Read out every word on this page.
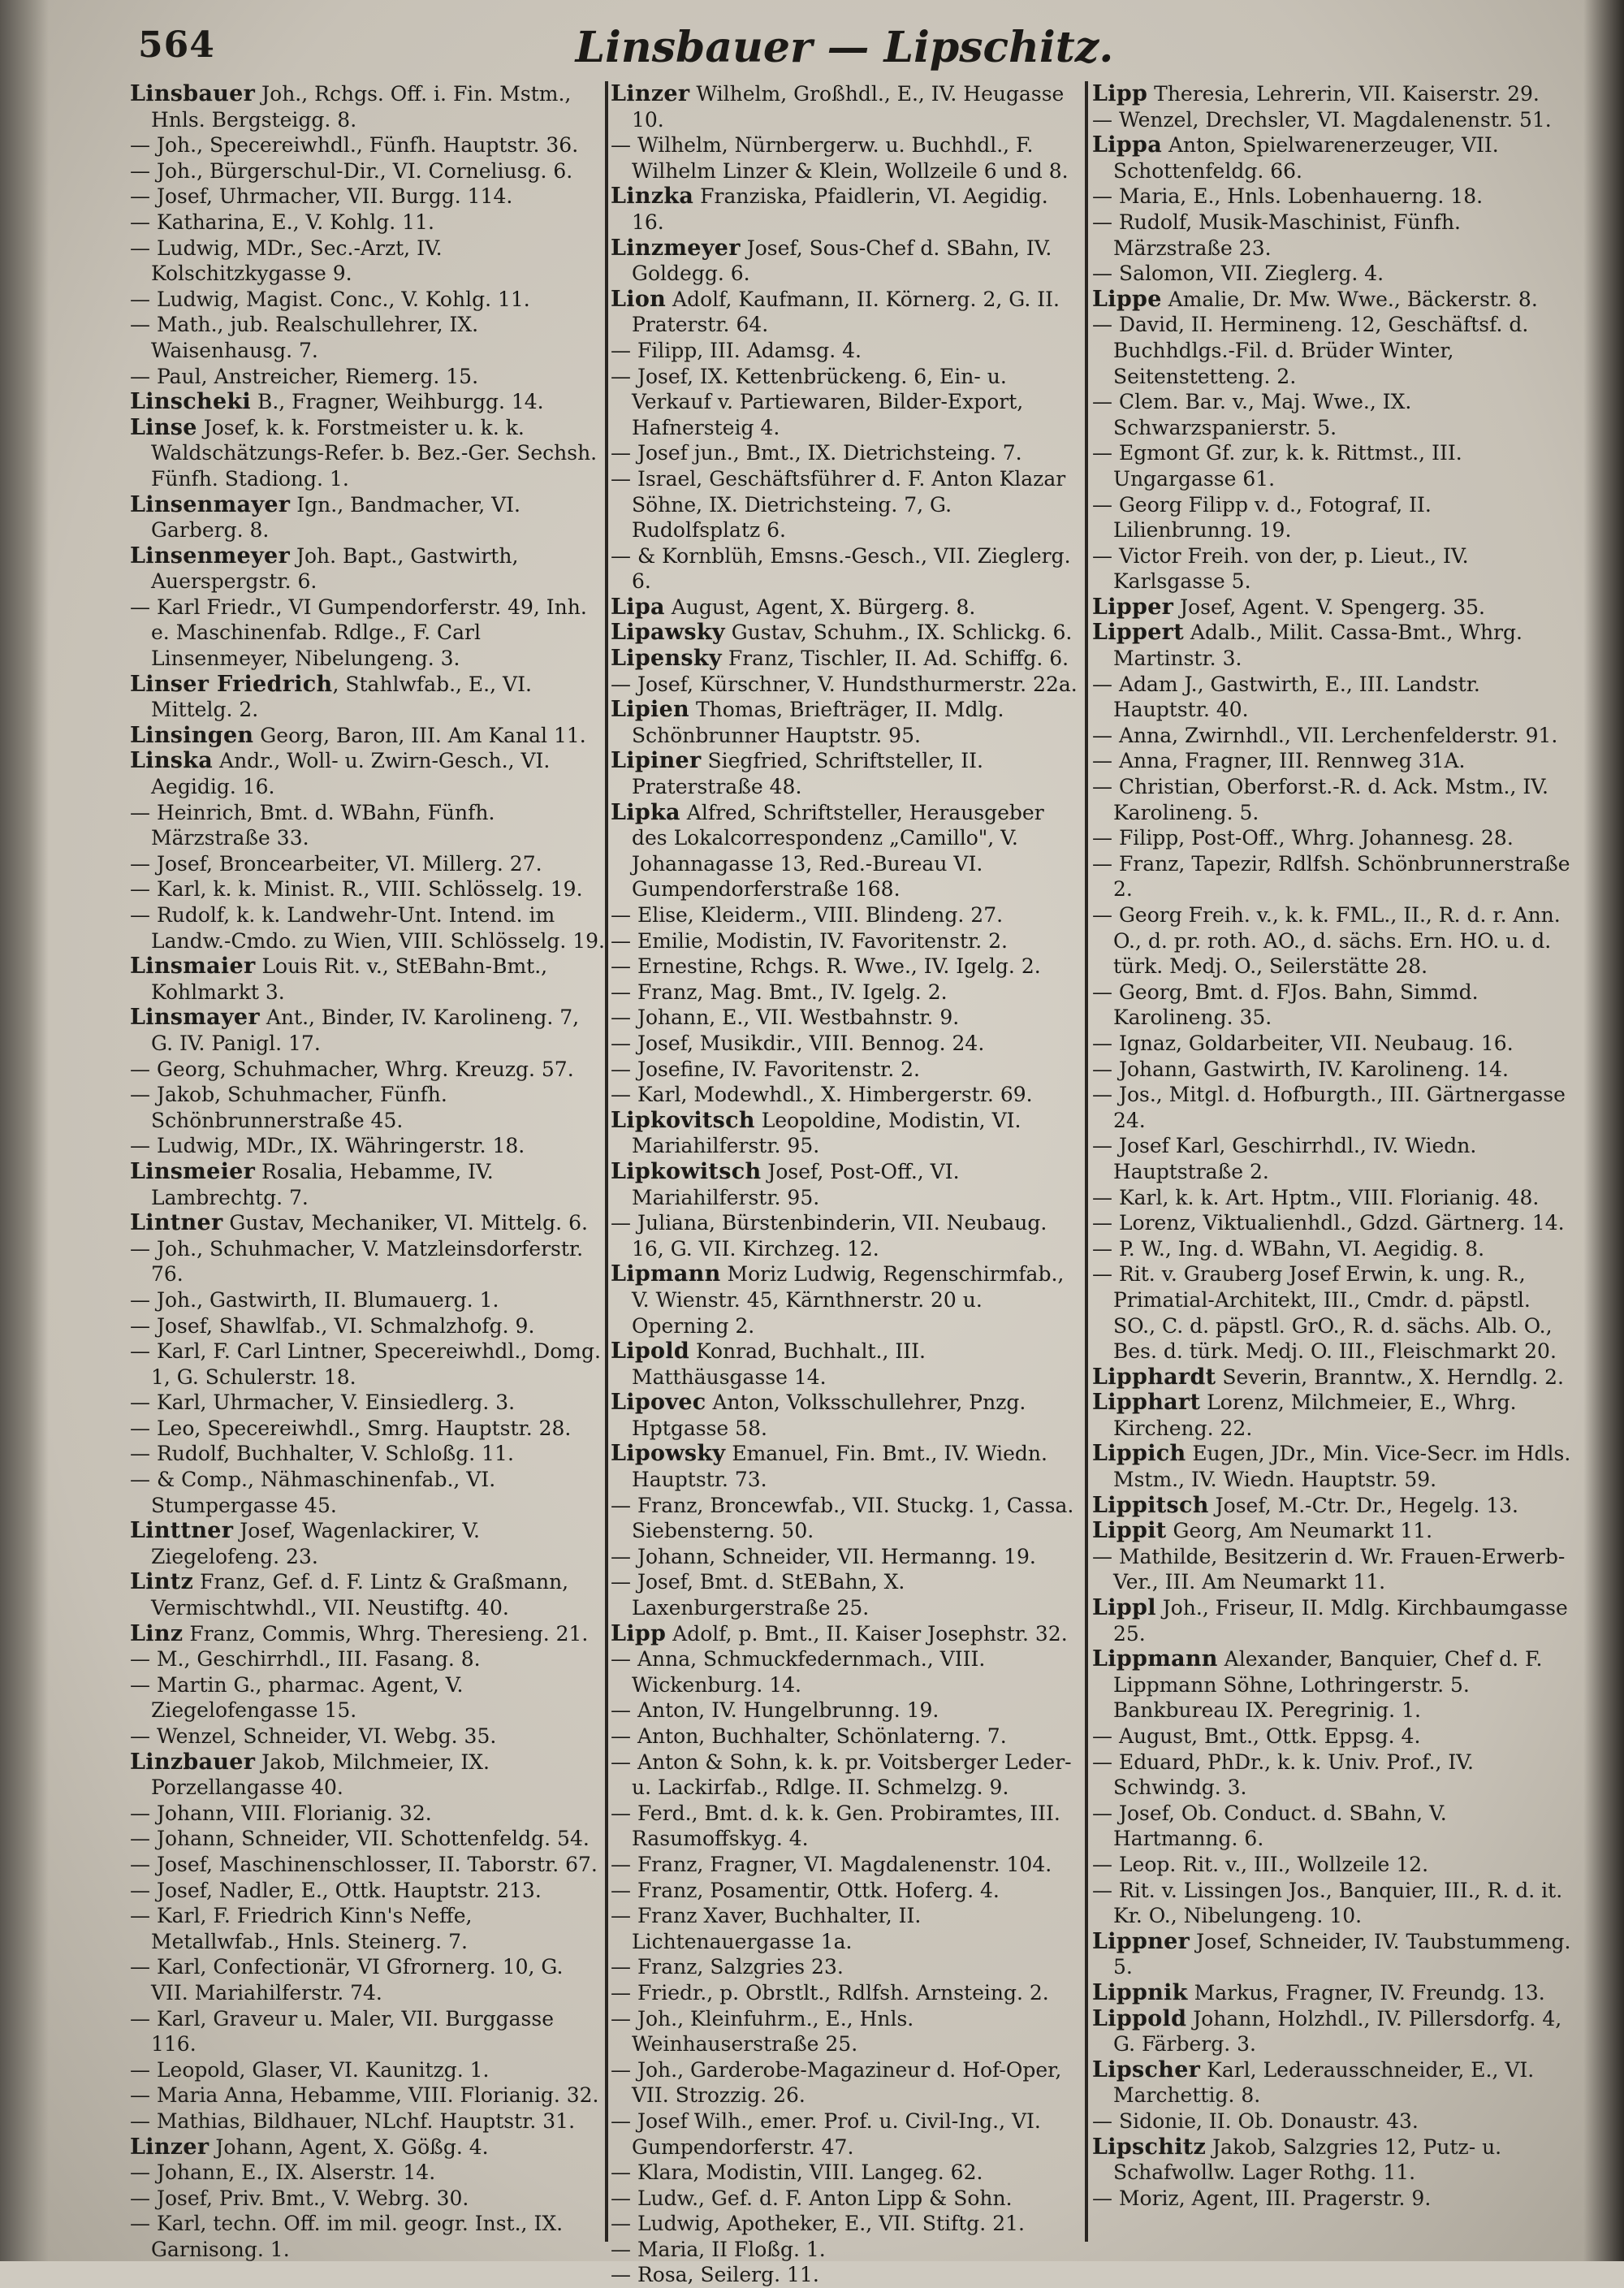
564	Linsbauer — Lipschitz.

Linsbauer Joh., Rchgs. Off. i. Fin. Mstm., Hnls. Bergsteigg. 8.

— Joh., Specereiwhdl., Fünfh. Hauptstr. 36.

— Joh., Bürgerschul-Dir., VI. Corneliusg. 6.

— Josef, Uhrmacher, VII. Burgg. 114.

— Katharina, E., V. Kohlg. 11.

— Ludwig, MDr., Sec.-Arzt, IV. Kolschitzkygasse 9.

— Ludwig, Magist. Conc., V. Kohlg. 11.

— Math., jub. Realschullehrer, IX. Waisenhausg. 7.

— Paul, Anstreicher, Riemerg. 15.

Linscheki B., Fragner, Weihburgg. 14.

Linse Josef, k. k. Forstmeister u. k. k. Waldschätzungs-Refer. b. Bez.-Ger. Sechsh. Fünfh. Stadiong. 1.

Linsenmayer Ign., Bandmacher, VI. Garberg. 8.

Linsenmeyer Joh. Bapt., Gastwirth, Auerspergstr. 6.

— Karl Friedr., VI Gumpendorferstr. 49, Inh. e. Maschinenfab. Rdlge., F. Carl Linsenmeyer, Nibelungeng. 3.

Linser Friedrich, Stahlwfab., E., VI. Mittelg. 2.

Linsingen Georg, Baron, III. Am Kanal 11.

Linska Andr., Woll- u. Zwirn-Gesch., VI. Aegidig. 16.

— Heinrich, Bmt. d. WBahn, Fünfh. Märzstraße 33.

— Josef, Broncearbeiter, VI. Millerg. 27.

— Karl, k. k. Minist. R., VIII. Schlösselg. 19.

— Rudolf, k. k. Landwehr-Unt. Intend. im Landw.-Cmdo. zu Wien, VIII. Schlösselg. 19.

Linsmaier Louis Rit. v., StEBahn-Bmt., Kohlmarkt 3.

Linsmayer Ant., Binder, IV. Karolineng. 7, G. IV. Panigl. 17.

— Georg, Schuhmacher, Whrg. Kreuzg. 57.

— Jakob, Schuhmacher, Fünfh. Schönbrunnerstraße 45.

— Ludwig, MDr., IX. Währingerstr. 18.

Linsmeier Rosalia, Hebamme, IV. Lambrechtg. 7.

Lintner Gustav, Mechaniker, VI. Mittelg. 6.

— Joh., Schuhmacher, V. Matzleinsdorferstr. 76.

— Joh., Gastwirth, II. Blumauerg. 1.

— Josef, Shawlfab., VI. Schmalzhofg. 9.

— Karl, F. Carl Lintner, Specereiwhdl., Domg. 1, G. Schulerstr. 18.

— Karl, Uhrmacher, V. Einsiedlerg. 3.

— Leo, Specereiwhdl., Smrg. Hauptstr. 28.

— Rudolf, Buchhalter, V. Schloßg. 11.

— & Comp., Nähmaschinenfab., VI. Stumpergasse 45.

Linttner Josef, Wagenlackirer, V. Ziegelofeng. 23.

Lintz Franz, Gef. d. F. Lintz & Graßmann, Vermischtwhdl., VII. Neustiftg. 40.

Linz Franz, Commis, Whrg. Theresieng. 21.

— M., Geschirrhdl., III. Fasang. 8.

— Martin G., pharmac. Agent, V. Ziegelofengasse 15.

— Wenzel, Schneider, VI. Webg. 35.

Linzbauer Jakob, Milchmeier, IX. Porzellangasse 40.

— Johann, VIII. Florianig. 32.

— Johann, Schneider, VII. Schottenfeldg. 54.

— Josef, Maschinenschlosser, II. Taborstr. 67.

— Josef, Nadler, E., Ottk. Hauptstr. 213.

— Karl, F. Friedrich Kinn's Neffe, Metallwfab., Hnls. Steinerg. 7.

— Karl, Confectionär, VI Gfrornerg. 10, G. VII. Mariahilferstr. 74.

— Karl, Graveur u. Maler, VII. Burggasse 116.

— Leopold, Glaser, VI. Kaunitzg. 1.

— Maria Anna, Hebamme, VIII. Florianig. 32.

— Mathias, Bildhauer, NLchf. Hauptstr. 31.

Linzer Johann, Agent, X. Gößg. 4.

— Johann, E., IX. Alserstr. 14.

— Josef, Priv. Bmt., V. Webrg. 30.

— Karl, techn. Off. im mil. geogr. Inst., IX. Garnisong. 1.

Linzer Wilhelm, Großhdl., E., IV. Heugasse 10.

— Wilhelm, Nürnbergerw. u. Buchhdl., F. Wilhelm Linzer & Klein, Wollzeile 6 und 8.

Linzka Franziska, Pfaidlerin, VI. Aegidig. 16.

Linzmeyer Josef, Sous-Chef d. SBahn, IV. Goldegg. 6.

Lion Adolf, Kaufmann, II. Körnerg. 2, G. II. Praterstr. 64.

— Filipp, III. Adamsg. 4.

— Josef, IX. Kettenbrückeng. 6, Ein- u. Verkauf v. Partiewaren, Bilder-Export, Hafnersteig 4.

— Josef jun., Bmt., IX. Dietrichsteing. 7.

— Israel, Geschäftsführer d. F. Anton Klazar Söhne, IX. Dietrichsteing. 7, G. Rudolfsplatz 6.

— & Kornblüh, Emsns.-Gesch., VII. Zieglerg. 6.

Lipa August, Agent, X. Bürgerg. 8.

Lipawsky Gustav, Schuhm., IX. Schlickg. 6.

Lipensky Franz, Tischler, II. Ad. Schiffg. 6.

— Josef, Kürschner, V. Hundsthurmerstr. 22a.

Lipien Thomas, Briefträger, II. Mdlg. Schönbrunner Hauptstr. 95.

Lipiner Siegfried, Schriftsteller, II. Praterstraße 48.

Lipka Alfred, Schriftsteller, Herausgeber des Lokalcorrespondenz „Camillo", V. Johannagasse 13, Red.-Bureau VI. Gumpendorferstraße 168.

— Elise, Kleiderm., VIII. Blindeng. 27.

— Emilie, Modistin, IV. Favoritenstr. 2.

— Ernestine, Rchgs. R. Wwe., IV. Igelg. 2.

— Franz, Mag. Bmt., IV. Igelg. 2.

— Johann, E., VII. Westbahnstr. 9.

— Josef, Musikdir., VIII. Bennog. 24.

— Josefine, IV. Favoritenstr. 2.

— Karl, Modewhdl., X. Himbergerstr. 69.

Lipkovitsch Leopoldine, Modistin, VI. Mariahilferstr. 95.

Lipkowitsch Josef, Post-Off., VI. Mariahilferstr. 95.

— Juliana, Bürstenbinderin, VII. Neubaug. 16, G. VII. Kirchzeg. 12.

Lipmann Moriz Ludwig, Regenschirmfab., V. Wienstr. 45, Kärnthnerstr. 20 u. Operning 2.

Lipold Konrad, Buchhalt., III. Matthäusgasse 14.

Lipovec Anton, Volksschullehrer, Pnzg. Hptgasse 58.

Lipowsky Emanuel, Fin. Bmt., IV. Wiedn. Hauptstr. 73.

— Franz, Broncewfab., VII. Stuckg. 1, Cassa. Siebensterng. 50.

— Johann, Schneider, VII. Hermanng. 19.

— Josef, Bmt. d. StEBahn, X. Laxenburgerstraße 25.

Lipp Adolf, p. Bmt., II. Kaiser Josephstr. 32.

— Anna, Schmuckfedernmach., VIII. Wickenburg. 14.

— Anton, IV. Hungelbrunng. 19.

— Anton, Buchhalter, Schönlaterng. 7.

— Anton & Sohn, k. k. pr. Voitsberger Leder- u. Lackirfab., Rdlge. II. Schmelzg. 9.

— Ferd., Bmt. d. k. k. Gen. Probiramtes, III. Rasumoffskyg. 4.

— Franz, Fragner, VI. Magdalenenstr. 104.

— Franz, Posamentir, Ottk. Hoferg. 4.

— Franz Xaver, Buchhalter, II. Lichtenauergasse 1a.

— Franz, Salzgries 23.

— Friedr., p. Obrstlt., Rdlfsh. Arnsteing. 2.

— Joh., Kleinfuhrm., E., Hnls. Weinhauserstraße 25.

— Joh., Garderobe-Magazineur d. Hof-Oper, VII. Strozzig. 26.

— Josef Wilh., emer. Prof. u. Civil-Ing., VI. Gumpendorferstr. 47.

— Klara, Modistin, VIII. Langeg. 62.

— Ludw., Gef. d. F. Anton Lipp & Sohn.

— Ludwig, Apotheker, E., VII. Stiftg. 21.

— Maria, II Floßg. 1.

— Rosa, Seilerg. 11.

Lipp Theresia, Lehrerin, VII. Kaiserstr. 29.

— Wenzel, Drechsler, VI. Magdalenenstr. 51.

Lippa Anton, Spielwarenerzeuger, VII. Schottenfeldg. 66.

— Maria, E., Hnls. Lobenhauerng. 18.

— Rudolf, Musik-Maschinist, Fünfh. Märzstraße 23.

— Salomon, VII. Zieglerg. 4.

Lippe Amalie, Dr. Mw. Wwe., Bäckerstr. 8.

— David, II. Hermineng. 12, Geschäftsf. d. Buchhdlgs.-Fil. d. Brüder Winter, Seitenstetteng. 2.

— Clem. Bar. v., Maj. Wwe., IX. Schwarzspanierstr. 5.

— Egmont Gf. zur, k. k. Rittmst., III. Ungargasse 61.

— Georg Filipp v. d., Fotograf, II. Lilienbrunng. 19.

— Victor Freih. von der, p. Lieut., IV. Karlsgasse 5.

Lipper Josef, Agent. V. Spengerg. 35.

Lippert Adalb., Milit. Cassa-Bmt., Whrg. Martinstr. 3.

— Adam J., Gastwirth, E., III. Landstr. Hauptstr. 40.

— Anna, Zwirnhdl., VII. Lerchenfelderstr. 91.

— Anna, Fragner, III. Rennweg 31A.

— Christian, Oberforst.-R. d. Ack. Mstm., IV. Karolineng. 5.

— Filipp, Post-Off., Whrg. Johannesg. 28.

— Franz, Tapezir, Rdlfsh. Schönbrunnerstraße 2.

— Georg Freih. v., k. k. FML., II., R. d. r. Ann. O., d. pr. roth. AO., d. sächs. Ern. HO. u. d. türk. Medj. O., Seilerstätte 28.

— Georg, Bmt. d. FJos. Bahn, Simmd. Karolineng. 35.

— Ignaz, Goldarbeiter, VII. Neubaug. 16.

— Johann, Gastwirth, IV. Karolineng. 14.

— Jos., Mitgl. d. Hofburgth., III. Gärtnergasse 24.

— Josef Karl, Geschirrhdl., IV. Wiedn. Hauptstraße 2.

— Karl, k. k. Art. Hptm., VIII. Florianig. 48.

— Lorenz, Viktualienhdl., Gdzd. Gärtnerg. 14.

— P. W., Ing. d. WBahn, VI. Aegidig. 8.

— Rit. v. Grauberg Josef Erwin, k. ung. R., Primatial-Architekt, III., Cmdr. d. päpstl. SO., C. d. päpstl. GrO., R. d. sächs. Alb. O., Bes. d. türk. Medj. O. III., Fleischmarkt 20.

Lipphardt Severin, Branntw., X. Herndlg. 2.

Lipphart Lorenz, Milchmeier, E., Whrg. Kircheng. 22.

Lippich Eugen, JDr., Min. Vice-Secr. im Hdls. Mstm., IV. Wiedn. Hauptstr. 59.

Lippitsch Josef, M.-Ctr. Dr., Hegelg. 13.

Lippit Georg, Am Neumarkt 11.

— Mathilde, Besitzerin d. Wr. Frauen-Erwerb-Ver., III. Am Neumarkt 11.

Lippl Joh., Friseur, II. Mdlg. Kirchbaumgasse 25.

Lippmann Alexander, Banquier, Chef d. F. Lippmann Söhne, Lothringerstr. 5. Bankbureau IX. Peregrinig. 1.

— August, Bmt., Ottk. Eppsg. 4.

— Eduard, PhDr., k. k. Univ. Prof., IV. Schwindg. 3.

— Josef, Ob. Conduct. d. SBahn, V. Hartmanng. 6.

— Leop. Rit. v., III., Wollzeile 12.

— Rit. v. Lissingen Jos., Banquier, III., R. d. it. Kr. O., Nibelungeng. 10.

Lippner Josef, Schneider, IV. Taubstummeng. 5.

Lippnik Markus, Fragner, IV. Freundg. 13.

Lippold Johann, Holzhdl., IV. Pillersdorfg. 4, G. Färberg. 3.

Lipscher Karl, Lederausschneider, E., VI. Marchettig. 8.

— Sidonie, II. Ob. Donaustr. 43.

Lipschitz Jakob, Salzgries 12, Putz- u. Schafwollw. Lager Rothg. 11.

— Moriz, Agent, III. Pragerstr. 9.
